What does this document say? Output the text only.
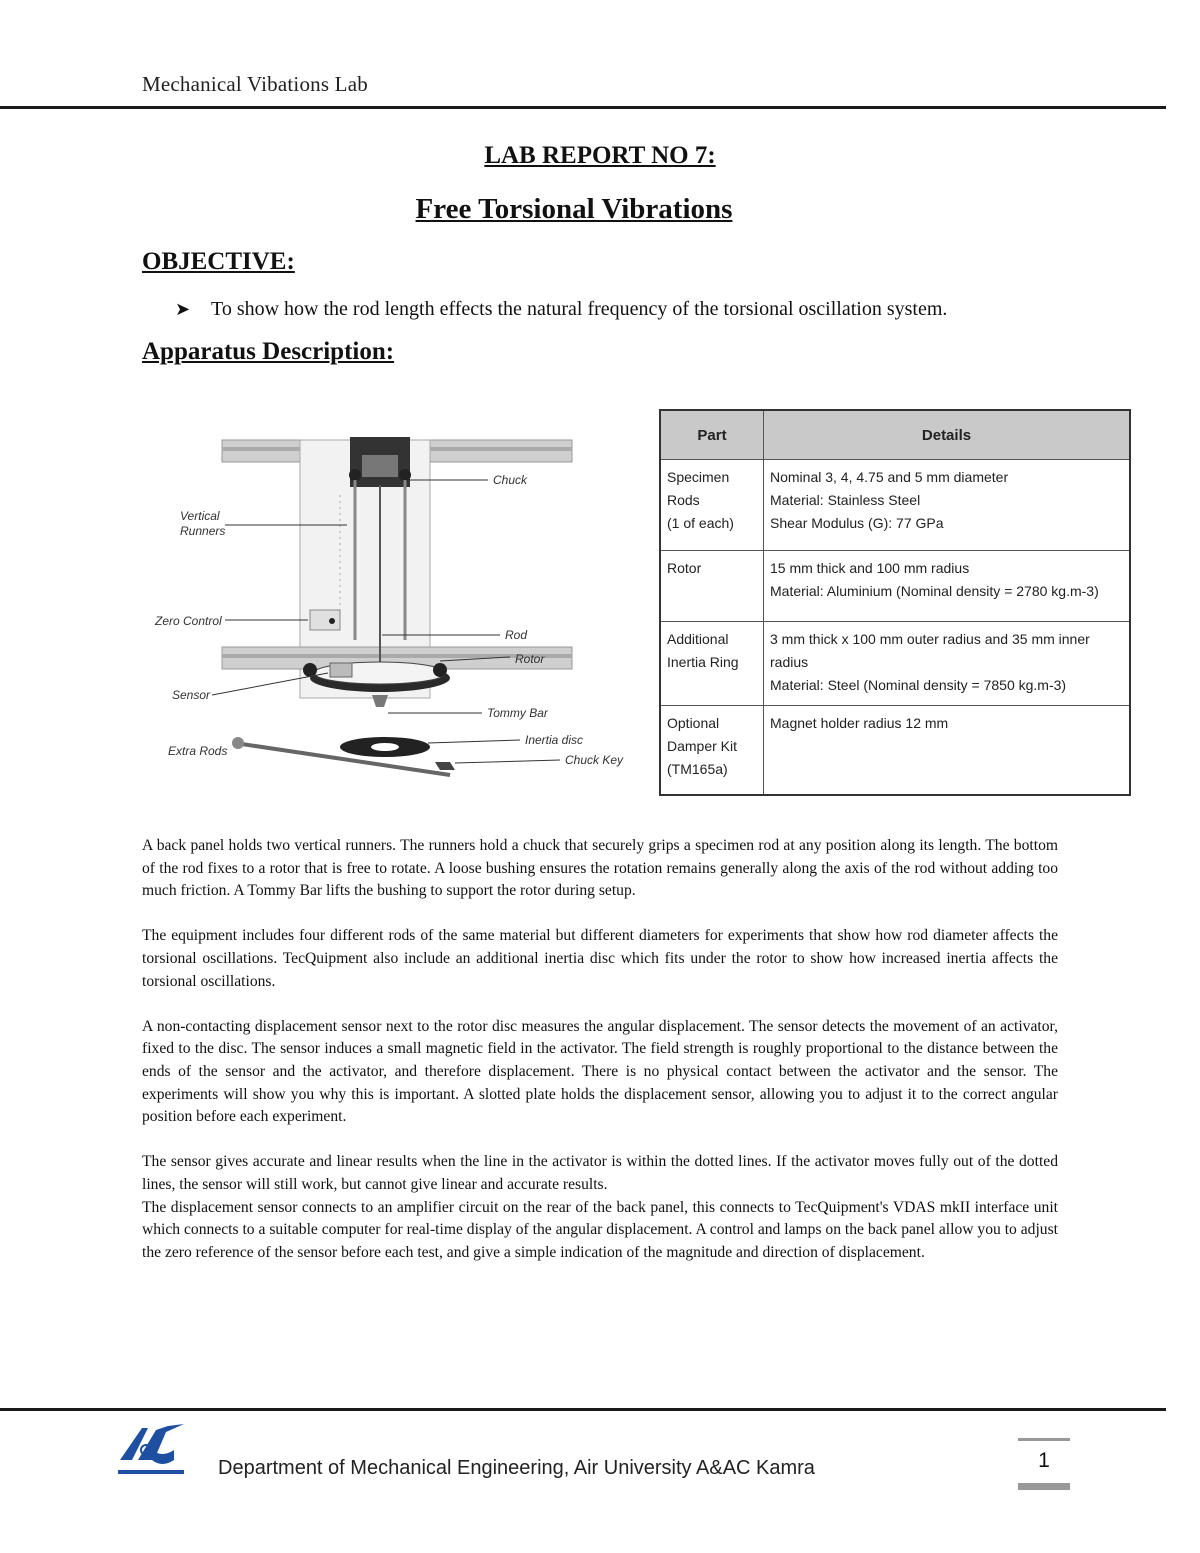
Mechanical Vibations Lab
LAB REPORT NO 7:
Free Torsional Vibrations
OBJECTIVE:
➤ To show how the rod length effects the natural frequency of the torsional oscillation system.
Apparatus Description:
Chuck
Vertical
Runners
Zero Control
Rod
Rotor
Sensor
Tommy Bar
Inertia disc
Extra Rods
Chuck Key
Part	Details

Specimen Rods
(1 of each)	Nominal 3, 4, 4.75 and 5 mm diameter
Material: Stainless Steel
Shear Modulus (G): 77 GPa

Rotor	15 mm thick and 100 mm radius
Material: Aluminium (Nominal density = 2780 kg.m-3)

Additional
Inertia Ring	3 mm thick x 100 mm outer radius and 35 mm inner radius
Material: Steel (Nominal density = 7850 kg.m-3)

Optional
Damper Kit
(TM165a)	Magnet holder radius 12 mm

A back panel holds two vertical runners. The runners hold a chuck that securely grips a specimen rod at any position along its length. The bottom of the rod fixes to a rotor that is free to rotate. A loose bushing ensures the rotation remains generally along the axis of the rod without adding too much friction. A Tommy Bar lifts the bushing to support the rotor during setup.

The equipment includes four different rods of the same material but different diameters for experiments that show how rod diameter affects the torsional oscillations. TecQuipment also include an additional inertia disc which fits under the rotor to show how increased inertia affects the torsional oscillations.

A non-contacting displacement sensor next to the rotor disc measures the angular displacement. The sensor detects the movement of an activator, fixed to the disc. The sensor induces a small magnetic field in the activator. The field strength is roughly proportional to the distance between the ends of the sensor and the activator, and therefore displacement. There is no physical contact between the activator and the sensor. The experiments will show you why this is important. A slotted plate holds the displacement sensor, allowing you to adjust it to the correct angular position before each experiment.

The sensor gives accurate and linear results when the line in the activator is within the dotted lines. If the activator moves fully out of the dotted lines, the sensor will still work, but cannot give linear and accurate results.

The displacement sensor connects to an amplifier circuit on the rear of the back panel, this connects to TecQuipment's VDAS mkII interface unit which connects to a suitable computer for real-time display of the angular displacement. A control and lamps on the back panel allow you to adjust the zero reference of the sensor before each test, and give a simple indication of the magnitude and direction of displacement.

Department of Mechanical Engineering, Air University A&AC Kamra	1
